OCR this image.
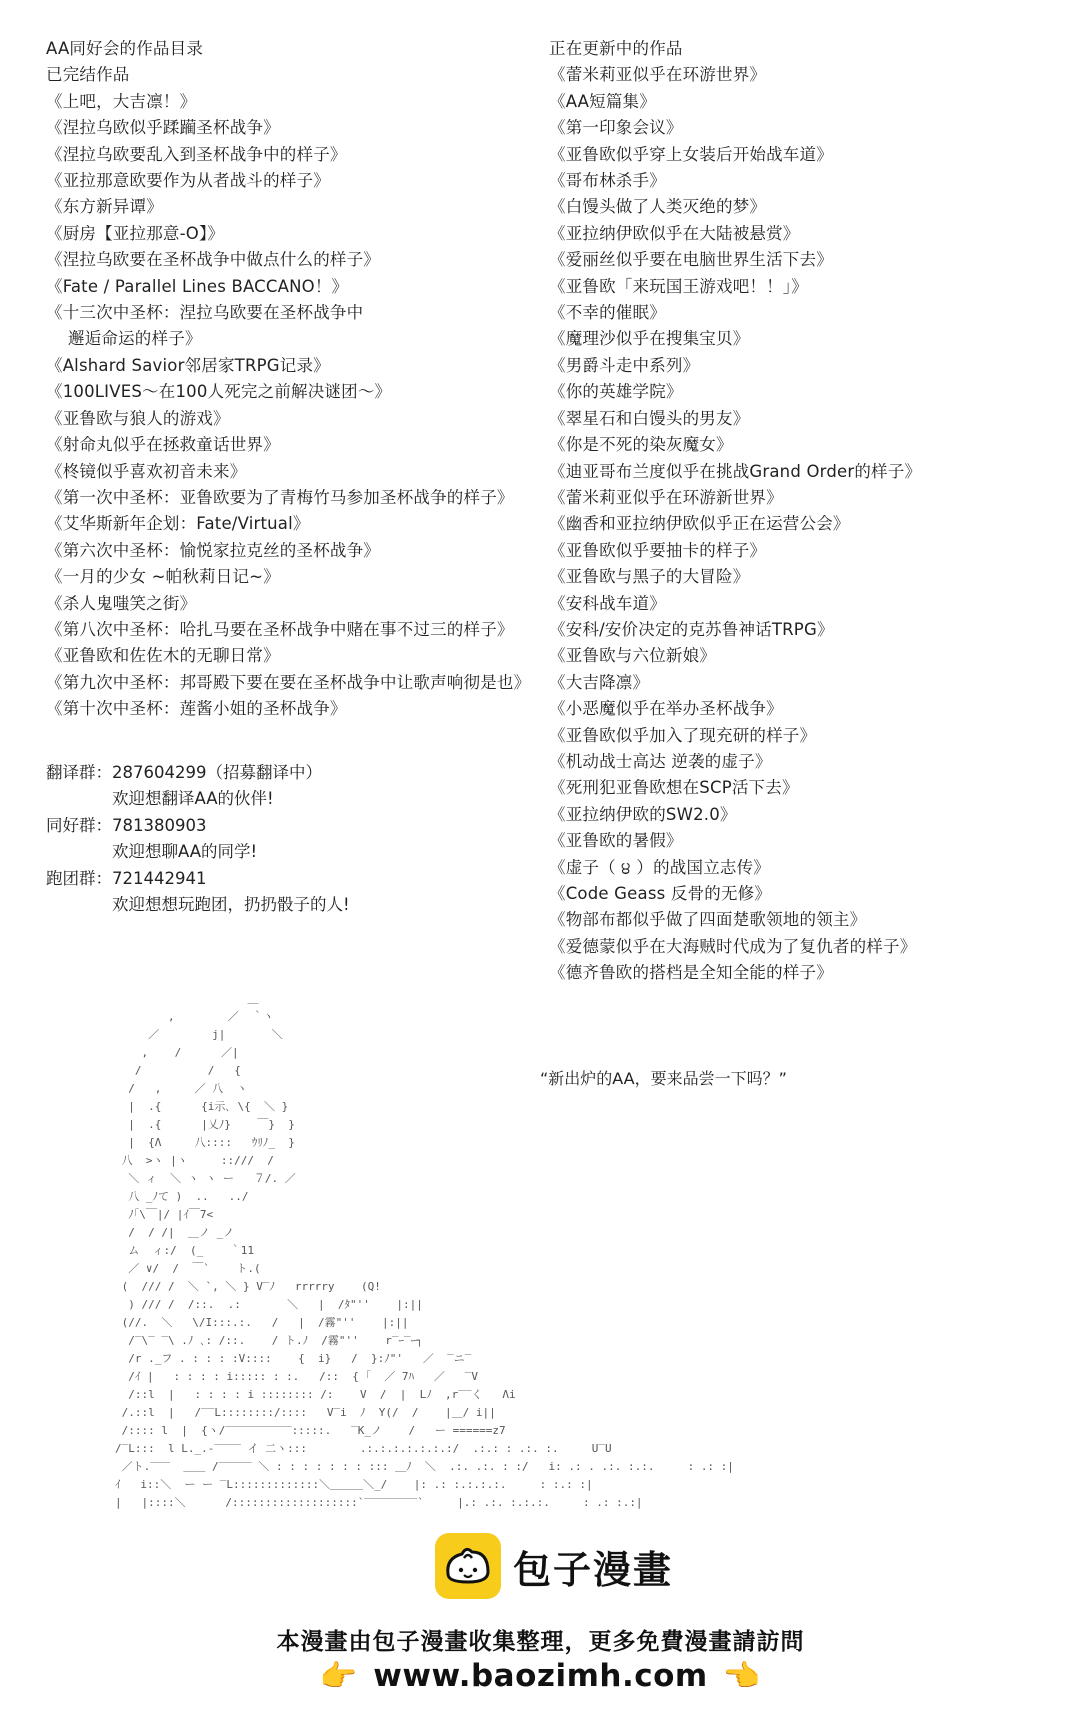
AA同好会的作品目录
已完结作品
《上吧，大吉凛！》
《涅拉乌欧似乎蹂躏圣杯战争》
《涅拉乌欧要乱入到圣杯战争中的样子》
《亚拉那意欧要作为从者战斗的样子》
《东方新异谭》
《厨房【亚拉那意-O】》
《涅拉乌欧要在圣杯战争中做点什么的样子》
《Fate / Parallel Lines BACCANO！》
《十三次中圣杯：涅拉乌欧要在圣杯战争中
邂逅命运的样子》
《Alshard Savior邻居家TRPG记录》
《100LIVES～在100人死完之前解决谜团～》
《亚鲁欧与狼人的游戏》
《射命丸似乎在拯救童话世界》
《柊镜似乎喜欢初音未来》
《第一次中圣杯：亚鲁欧要为了青梅竹马参加圣杯战争的样子》
《艾华斯新年企划：Fate/Virtual》
《第六次中圣杯：愉悦家拉克丝的圣杯战争》
《一月的少女 ~帕秋莉日记~》
《杀人鬼嗤笑之街》
《第八次中圣杯：哈扎马要在圣杯战争中赌在事不过三的样子》
《亚鲁欧和佐佐木的无聊日常》
《第九次中圣杯：邦哥殿下要在要在圣杯战争中让歌声响彻是也》
《第十次中圣杯：莲酱小姐的圣杯战争》
正在更新中的作品
《蕾米莉亚似乎在环游世界》
《AA短篇集》
《第一印象会议》
《亚鲁欧似乎穿上女装后开始战车道》
《哥布林杀手》
《白馒头做了人类灭绝的梦》
《亚拉纳伊欧似乎在大陆被悬赏》
《爱丽丝似乎要在电脑世界生活下去》
《亚鲁欧「来玩国王游戏吧！！」》
《不幸的催眠》
《魔理沙似乎在搜集宝贝》
《男爵斗走中系列》
《你的英雄学院》
《翠星石和白馒头的男友》
《你是不死的染灰魔女》
《迪亚哥布兰度似乎在挑战Grand Order的样子》
《蕾米莉亚似乎在环游新世界》
《幽香和亚拉纳伊欧似乎正在运营公会》
《亚鲁欧似乎要抽卡的样子》
《亚鲁欧与黑子的大冒险》
《安科战车道》
《安科/安价决定的克苏鲁神话TRPG》
《亚鲁欧与六位新娘》
《大吉降凛》
《小恶魔似乎在举办圣杯战争》
《亚鲁欧似乎加入了现充研的样子》
《机动战士高达 逆袭的虚子》
《死刑犯亚鲁欧想在SCP活下去》
《亚拉纳伊欧的SW2.0》
《亚鲁欧的暑假》
《虚子（ ੪ ）的战国立志传》
《Code Geass 反骨的无修》
《物部布都似乎做了四面楚歌领地的领主》
《爱德蒙似乎在大海贼时代成为了复仇者的样子》
《德齐鲁欧的搭档是全知全能的样子》
翻译群：287604299（招募翻译中）
欢迎想翻译AA的伙伴!
同好群：781380903
欢迎想聊AA的同学!
跑团群：721442941
欢迎想想玩跑团，扔扔骰子的人!
＿
,        ／  ｀ヽ
／        j|       ＼
,    /      ／|
/          /   {
/   ,     ／ 八  ヽ
|  .{      {i示､ \{  ＼ }
|  .{      |乂ﾉ}    ￣}  }
|  {Λ     八::::   ｳﾘﾉ_  }
八  >ヽ |ヽ     ::///  /
＼ ィ  ＼ ヽ ヽ ー   ７/. ／
八 _ﾉて )  ..   ../
ﾉ｢\￣|/ |ｲ￣7<
/  / /|  ＿ノ _ノ
ム  ィ:/  (_    ｀11
／ ∨/  /  ￣`    ト.(
(  /// /  ＼ `, ＼ } V‾ﾉ   rrrrry    (Q!
) /// /  /::.  .:       ＼   |  /ﾀ"''    |:||
(//.  ＼   \/I:::.:.   /   |  /霧"''    |:||
/‾\‾ ‾\ .ﾉ ､: /::.    / ト.ﾉ  /霧"''    r‾ｰ‾ｰ┐
/r ._フ . : : : :V::::    {  i}   /  }:ﾉ"'   ／  ‾ニ‾
/ｲ |   : : : : i::::: : :.   /::  { ｢  ／ 7ﾊ   ／   ‾V
/::l  |   : : : : i :::::::: /:    V  /  |  Lﾉ  ,r‾‾く   Λi
/.::l  |   /‾‾L::::::::/::::   V‾i  ﾉ  Y(/  /    |＿/ i||
/:::: l  |  {ヽ/‾‾‾‾‾‾‾‾‾‾:::::.   ‾K_ノ    /   ー ======z7
/‾L:::  l L._.-‾‾‾‾ イ 二ヽ:::        .:.:.:.:.:.:.:/  .:.: : .:. :.     U‾U
／ト.‾‾‾  ＿＿ /‾‾‾‾‾ ＼ : : : : : : : ::: ＿ﾉ  ＼  .:. .:. : :/   i: .: . .:. :.:.     : .: :|
ｲ   i::＼  ー ー ‾L:::::::::::::＼＿＿＿＼_/    |: .: :.:.:.:.     : :.: :|
|   |::::＼      /:::::::::::::::::::`‾‾‾‾‾‾‾‾`     |.: .:. :.:.:.     : .: :.:|
“新出炉的AA，要来品尝一下吗？”
包子漫畫
本漫畫由包子漫畫收集整理，更多免費漫畫請訪問
👉 www.baozimh.com 👉
